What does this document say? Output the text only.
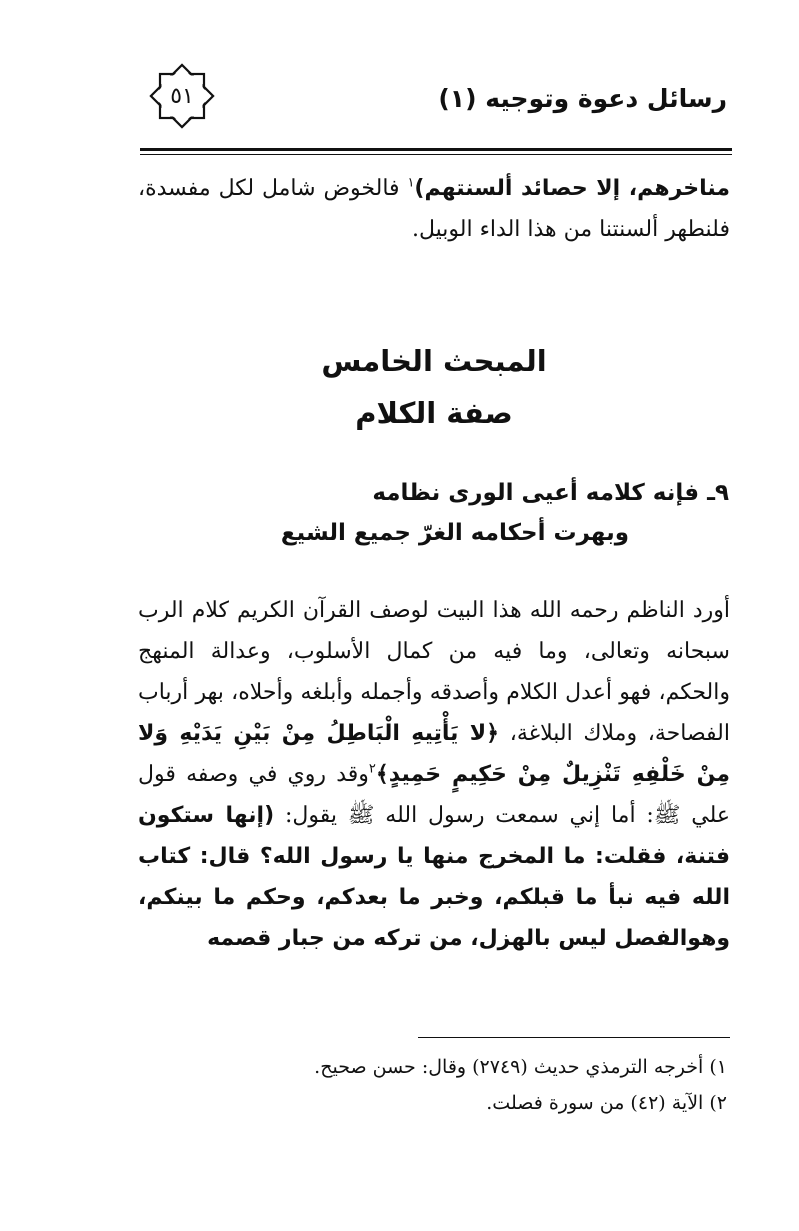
رسائل دعوة وتوجيه (١)
٥١
مناخرهم، إلا حصائد ألسنتهم)$^١$ فالخوض شامل لكل مفسدة، فلنطهر ألسنتنا من هذا الداء الوبيل.
المبحث الخامس
صفة الكلام
٩ـ فإنه كلامه أعيى الورى نظامه
وبهرت أحكامه الغرّ جميع الشيع
أورد الناظم رحمه الله هذا البيت لوصف القرآن الكريم كلام الرب سبحانه وتعالى، وما فيه من كمال الأسلوب، وعدالة المنهج والحكم، فهو أعدل الكلام وأصدقه وأجمله وأبلغه وأحلاه، بهر أرباب الفصاحة، وملاك البلاغة، ﴿لا يَأْتِيهِ الْبَاطِلُ مِنْ بَيْنِ يَدَيْهِ وَلا مِنْ خَلْفِهِ تَنْزِيلٌ مِنْ حَكِيمٍ حَمِيدٍ﴾$^٢$وقد روي في وصفه قول علي ﷺ: أما إني سمعت رسول الله ﷺ يقول: (إنها ستكون فتنة، فقلت: ما المخرج منها يا رسول الله؟ قال: كتاب الله فيه نبأ ما قبلكم، وخبر ما بعدكم، وحكم ما بينكم، وهوالفصل ليس بالهزل، من تركه من جبار قصمه
١) أخرجه الترمذي حديث (٢٧٤٩) وقال: حسن صحيح.
٢) الآية (٤٢) من سورة فصلت.
